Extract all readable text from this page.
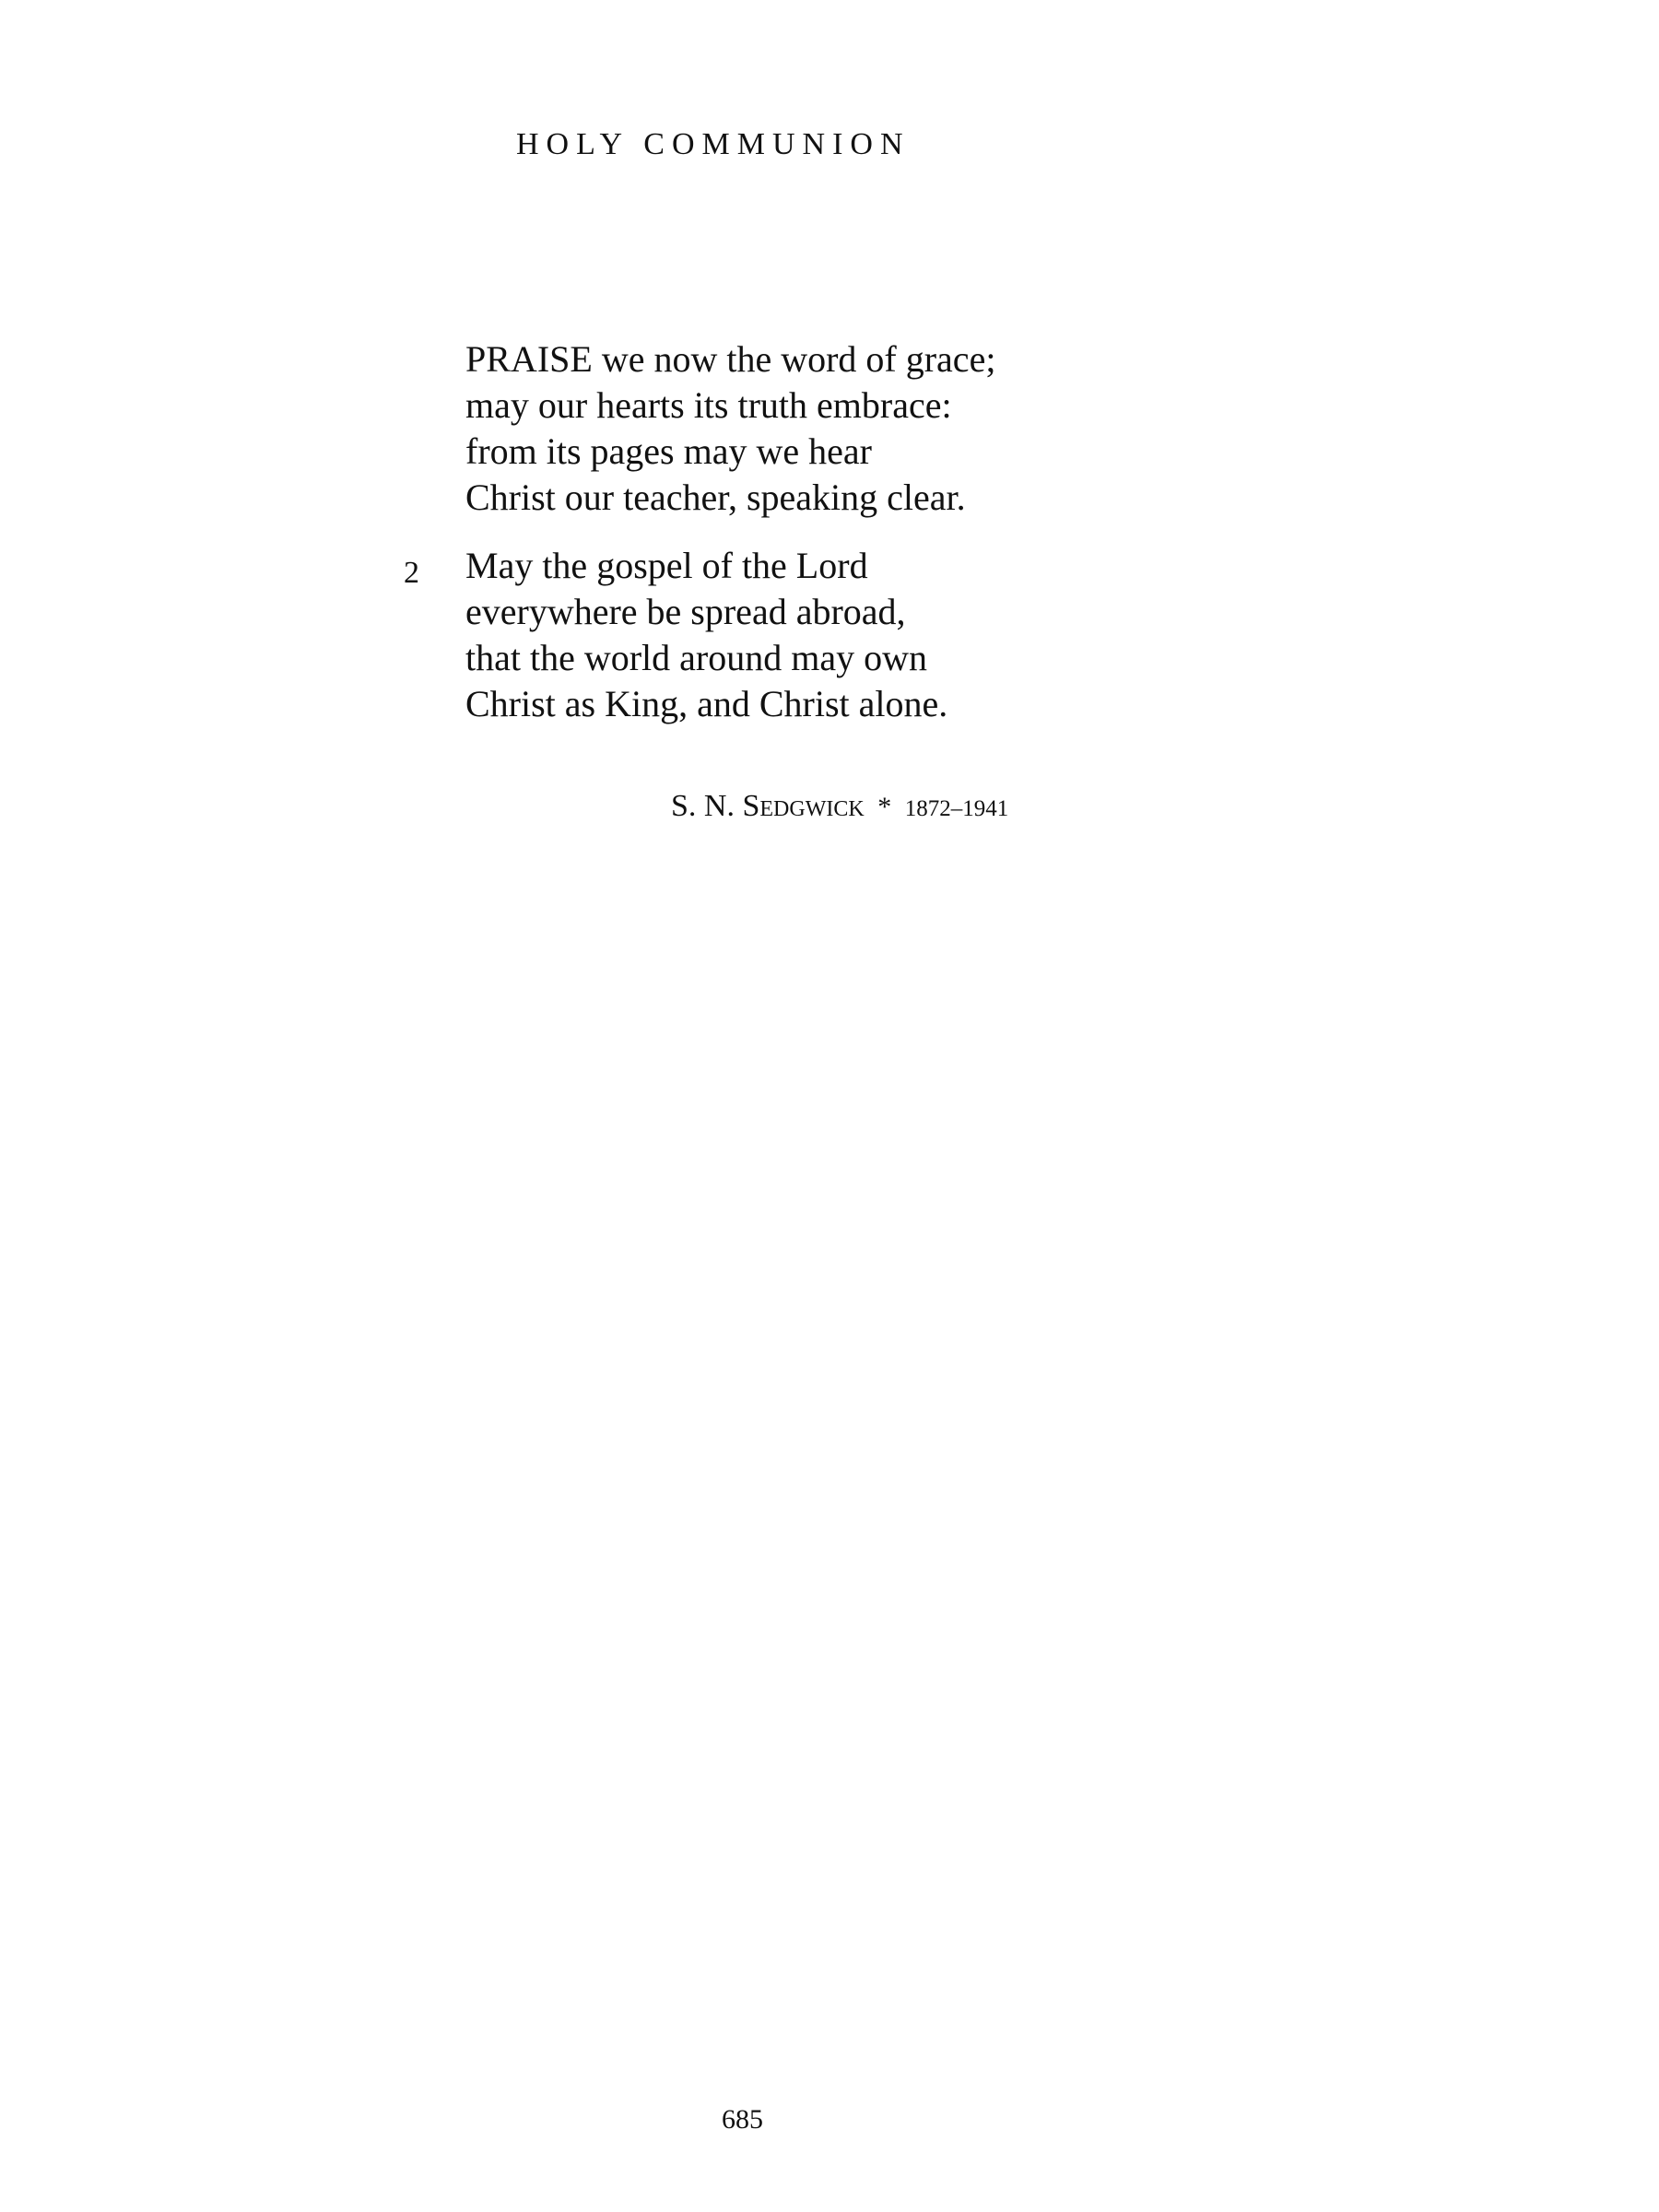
HOLY COMMUNION
PRAISE we now the word of grace;
may our hearts its truth embrace:
from its pages may we hear
Christ our teacher, speaking clear.
2 May the gospel of the Lord
everywhere be spread abroad,
that the world around may own
Christ as King, and Christ alone.
S. N. Sedgwick * 1872–1941
685
